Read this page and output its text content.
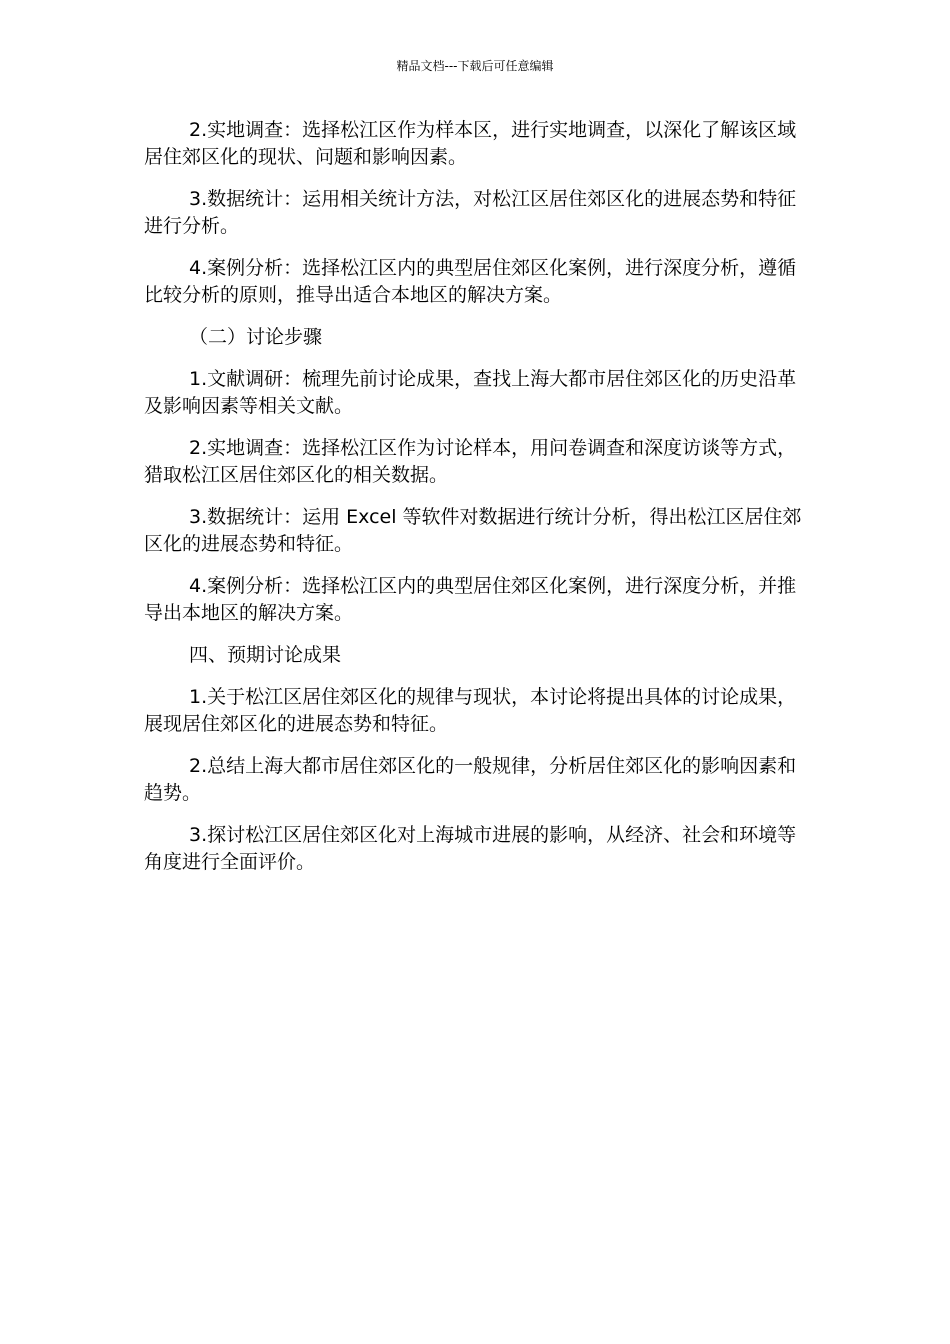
精品文档---下载后可任意编辑

2.实地调查：选择松江区作为样本区，进行实地调查，以深化了解该区域居住郊区化的现状、问题和影响因素。

3.数据统计：运用相关统计方法，对松江区居住郊区化的进展态势和特征进行分析。

4.案例分析：选择松江区内的典型居住郊区化案例，进行深度分析，遵循比较分析的原则，推导出适合本地区的解决方案。

（二）讨论步骤

1.文献调研：梳理先前讨论成果，查找上海大都市居住郊区化的历史沿革及影响因素等相关文献。

2.实地调查：选择松江区作为讨论样本，用问卷调查和深度访谈等方式，猎取松江区居住郊区化的相关数据。

3.数据统计：运用 Excel 等软件对数据进行统计分析，得出松江区居住郊区化的进展态势和特征。

4.案例分析：选择松江区内的典型居住郊区化案例，进行深度分析，并推导出本地区的解决方案。

四、预期讨论成果

1.关于松江区居住郊区化的规律与现状，本讨论将提出具体的讨论成果，展现居住郊区化的进展态势和特征。

2.总结上海大都市居住郊区化的一般规律，分析居住郊区化的影响因素和趋势。

3.探讨松江区居住郊区化对上海城市进展的影响，从经济、社会和环境等角度进行全面评价。
